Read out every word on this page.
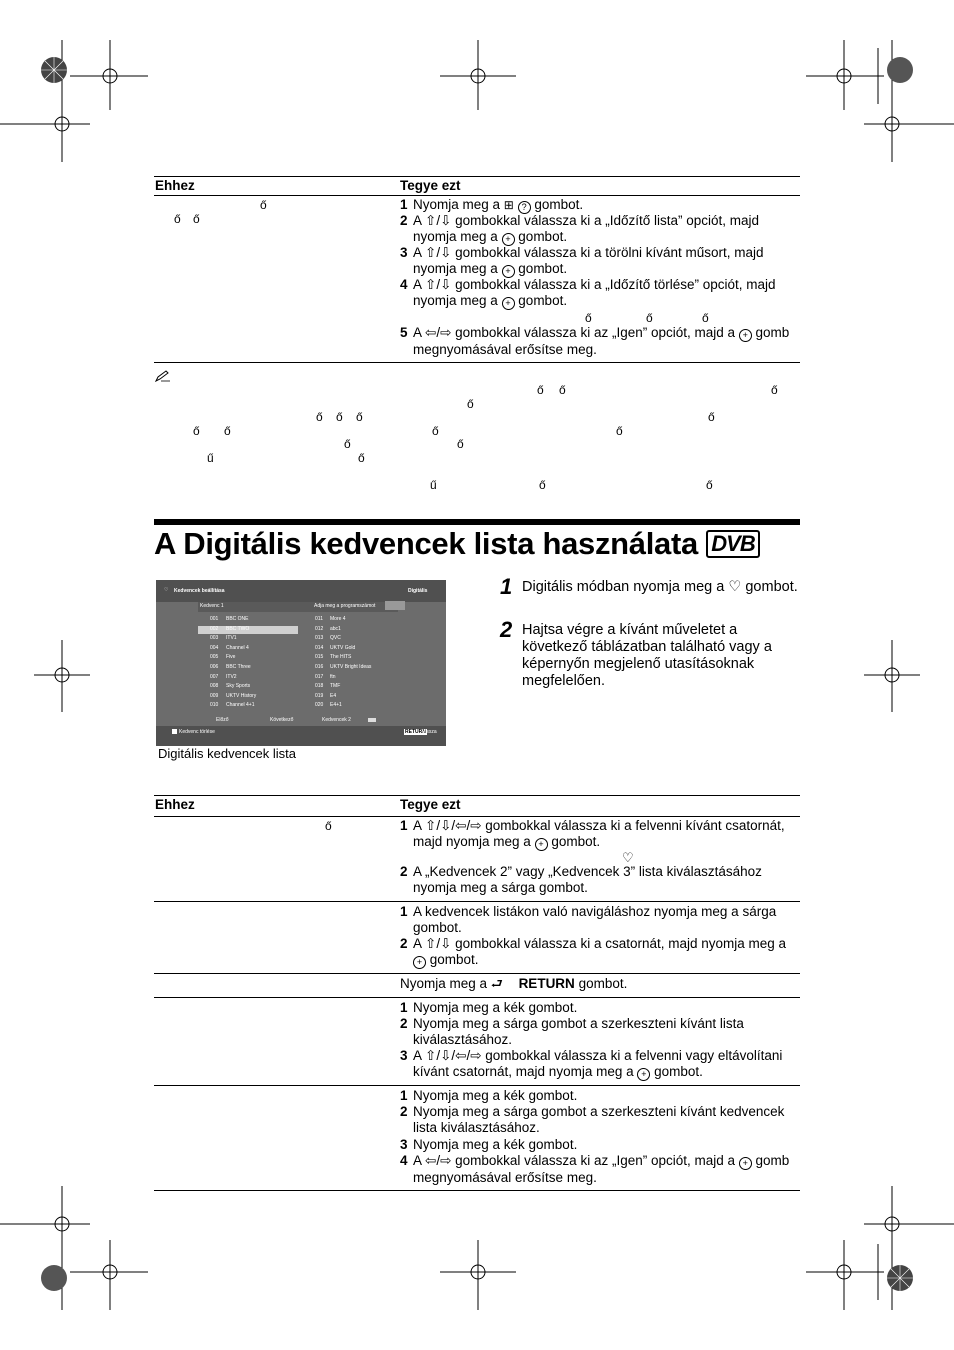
Ehhez	Tegye ezt
ő
ő ő
1 Nyomja meg a ⊞ ? gombot.
2 A ⇧/⇩ gombokkal válassza ki a „Időzítő lista” opciót, majd nyomja meg a + gombot.
3 A ⇧/⇩ gombokkal válassza ki a törölni kívánt műsort, majd nyomja meg a + gombot.
4 A ⇧/⇩ gombokkal válassza ki a „Időzítő törlése” opciót, majd nyomja meg a + gombot.
ő	ő	ő
5 A ⇦/⇨ gombokkal válassza ki az „Igen” opciót, majd a + gomb megnyomásával erősítse meg.
ő ő	ő
ő
ő ő ő	ő
ő ő	ő	ő
ő	ő
ű	ő
ű	ő	ő
A Digitális kedvencek lista használata DVB
Kedvencek beállítása
♡	Digitális
Kedvenc 1	Adja meg a programszámot
001 BBC ONE
002 BBC TWO
003 ITV1
004 Channel 4
005 Five
006 BBC Three
007 ITV2
008 Sky Sports
009 UKTV History
010 Channel 4+1
011 More 4
012 abc1
013 QVC
014 UKTV Gold
015 The HITS
016 UKTV Bright Ideas
017 ftn
018 TMF
019 E4
020 E4+1
Előző	Következő	Kedvencek 2
Kedvenc törlése	RETURN
Vissza
Digitális kedvencek lista
1 Digitális módban nyomja meg a ♡ gombot.
2 Hajtsa végre a kívánt műveletet a következő táblázatban található vagy a képernyőn megjelenő utasításoknak megfelelően.
Ehhez	Tegye ezt
ő	1 A ⇧/⇩/⇦/⇨ gombokkal válassza ki a felvenni kívánt csatornát, majd nyomja meg a + gombot.
♡
2 A „Kedvencek 2” vagy „Kedvencek 3” lista kiválasztásához nyomja meg a sárga gombot.
1 A kedvencek listákon való navigáláshoz nyomja meg a sárga gombot.
2 A ⇧/⇩ gombokkal válassza ki a csatornát, majd nyomja meg a + gombot.
Nyomja meg a ⮐ RETURN gombot.
1 Nyomja meg a kék gombot.
2 Nyomja meg a sárga gombot a szerkeszteni kívánt lista kiválasztásához.
3 A ⇧/⇩/⇦/⇨ gombokkal válassza ki a felvenni vagy eltávolítani kívánt csatornát, majd nyomja meg a + gombot.
1 Nyomja meg a kék gombot.
2 Nyomja meg a sárga gombot a szerkeszteni kívánt kedvencek lista kiválasztásához.
3 Nyomja meg a kék gombot.
4 A ⇦/⇨ gombokkal válassza ki az „Igen” opciót, majd a + gomb megnyomásával erősítse meg.
